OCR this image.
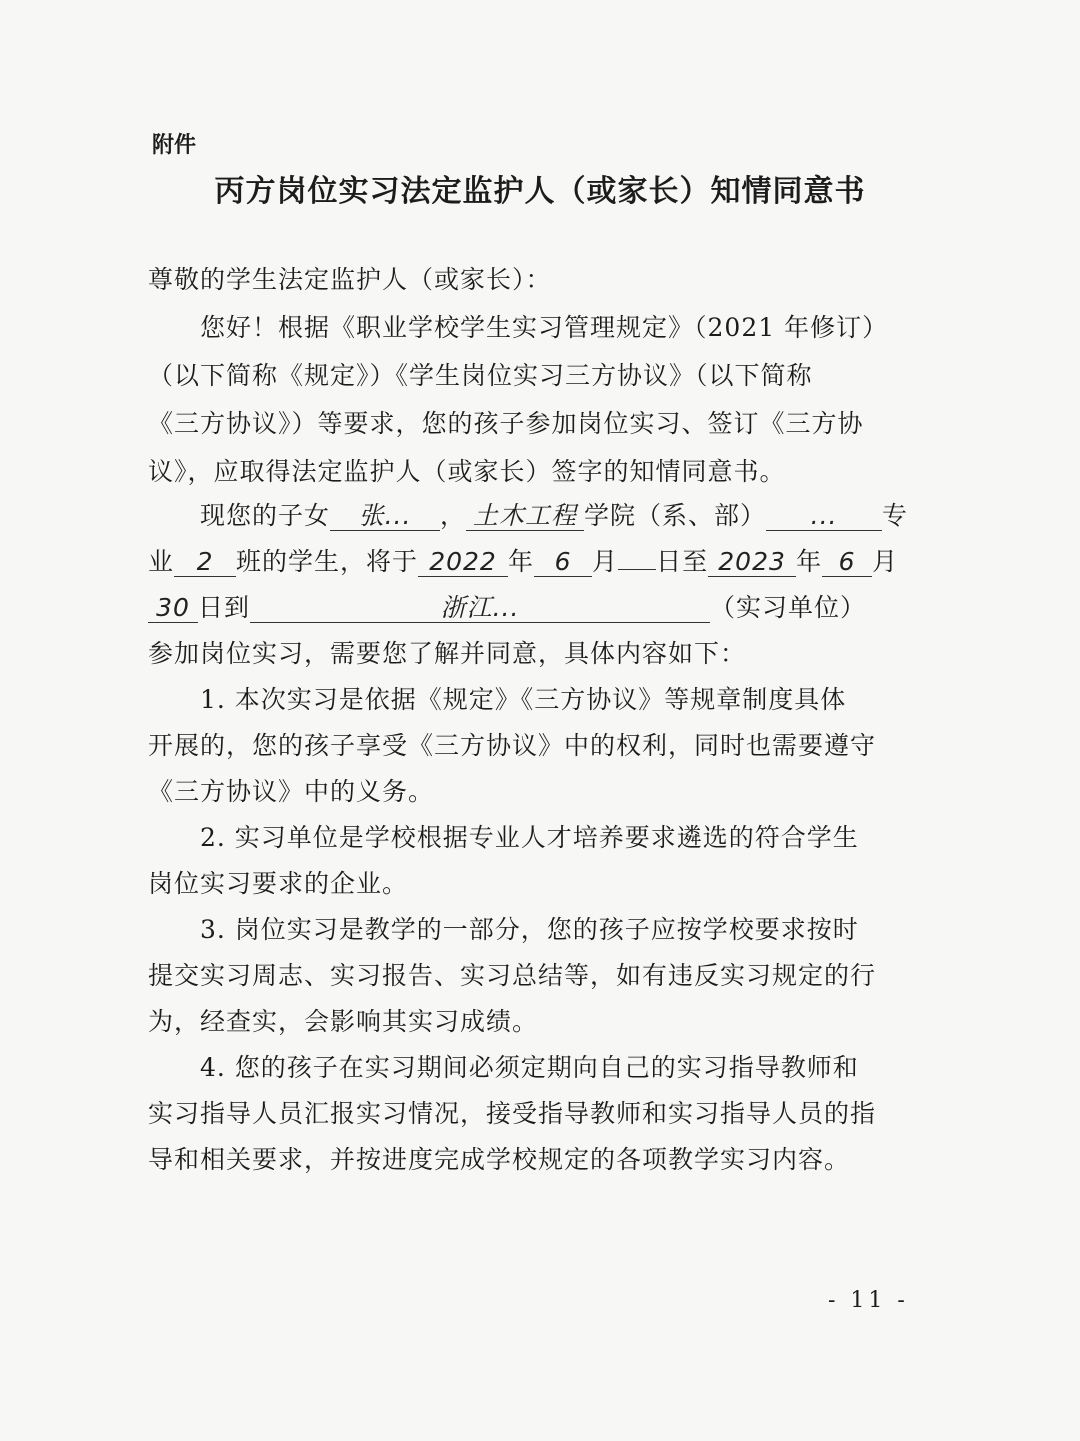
附件
丙方岗位实习法定监护人（或家长）知情同意书
尊敬的学生法定监护人（或家长）：
您好！根据《职业学校学生实习管理规定》（2021 年修订）
（以下简称《规定》）《学生岗位实习三方协议》（以下简称
《三方协议》）等要求，您的孩子参加岗位实习、签订《三方协
议》，应取得法定监护人（或家长）签字的知情同意书。
现您的子女 张... ， 土木工程 学院（系、部） ... 专
业 2 班的学生，将于 2022 年 6 月 日至 2023 年 6 月
30 日到	浙江...	（实习单位）
参加岗位实习，需要您了解并同意，具体内容如下：
1. 本次实习是依据《规定》《三方协议》等规章制度具体
开展的，您的孩子享受《三方协议》中的权利，同时也需要遵守
《三方协议》中的义务。
2. 实习单位是学校根据专业人才培养要求遴选的符合学生
岗位实习要求的企业。
3. 岗位实习是教学的一部分，您的孩子应按学校要求按时
提交实习周志、实习报告、实习总结等，如有违反实习规定的行
为，经查实，会影响其实习成绩。
4. 您的孩子在实习期间必须定期向自己的实习指导教师和
实习指导人员汇报实习情况，接受指导教师和实习指导人员的指
导和相关要求，并按进度完成学校规定的各项教学实习内容。
- 11 -
